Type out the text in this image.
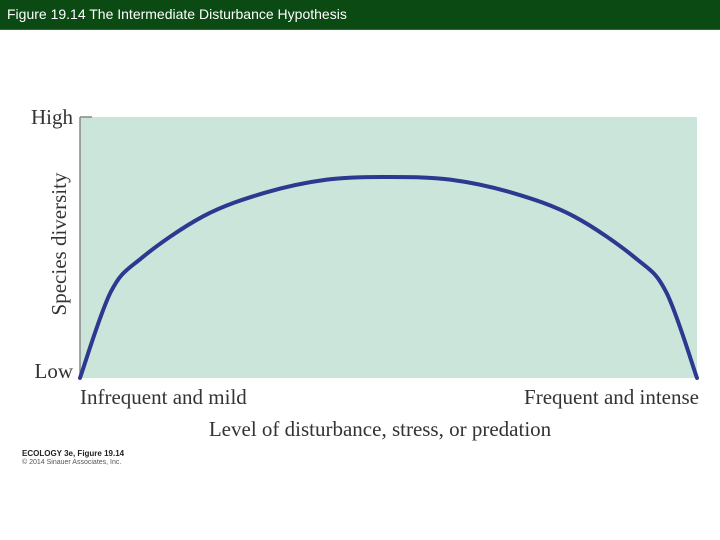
Figure 19.14 The Intermediate Disturbance Hypothesis
High
Low
Species diversity
Infrequent and mild	Frequent and intense
Level of disturbance, stress, or predation
ECOLOGY 3e, Figure 19.14
© 2014 Sinauer Associates, Inc.
